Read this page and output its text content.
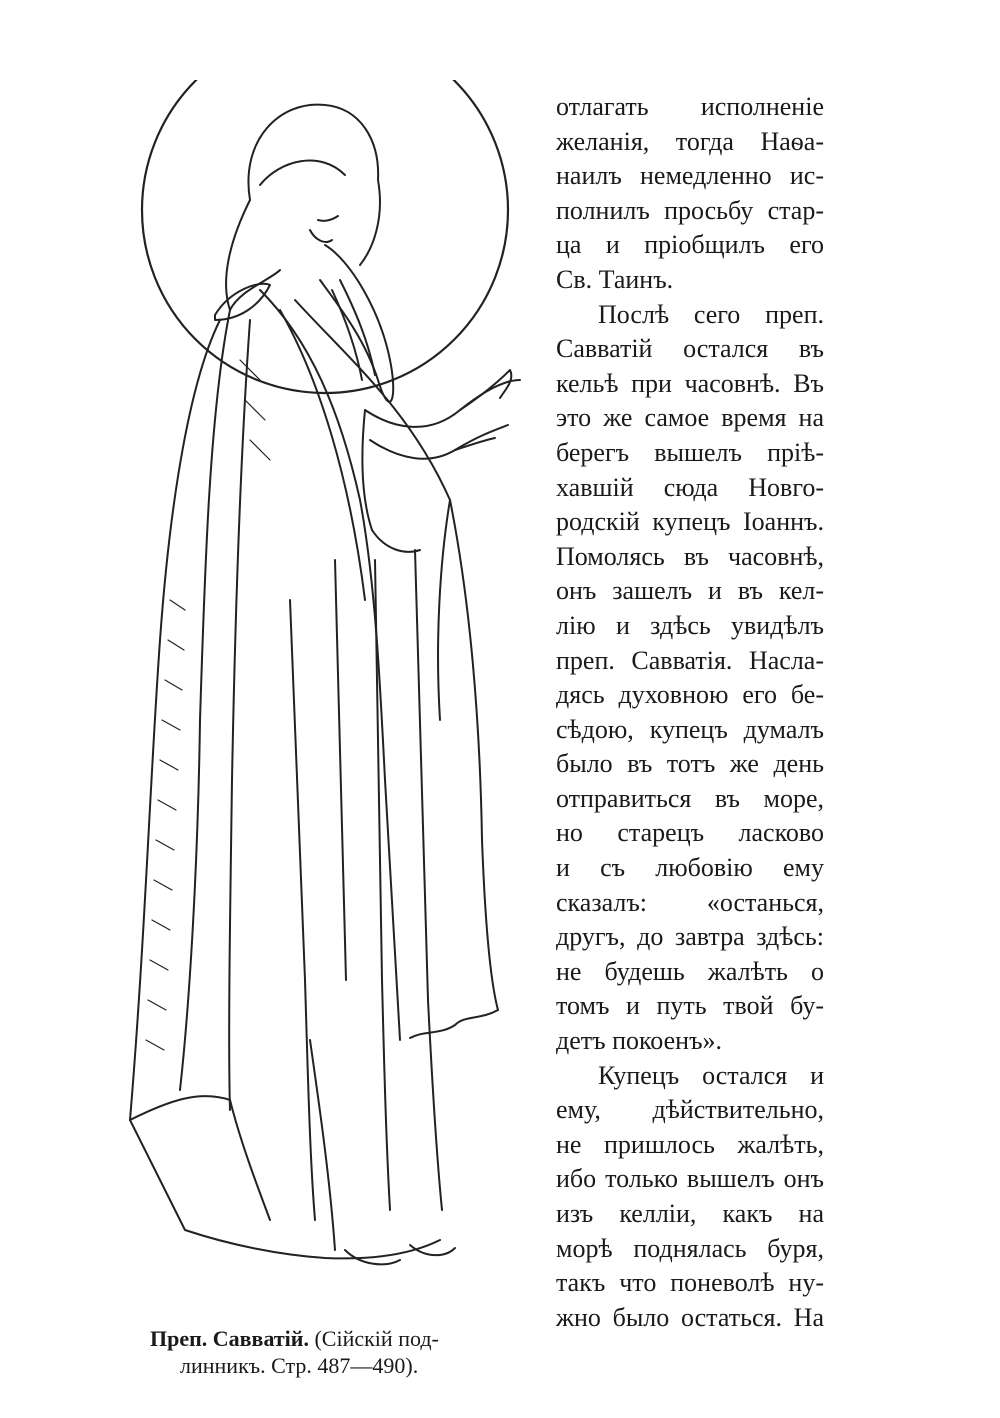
Преп. Савватій. (Сійскій под-
линникъ. Стр. 487—490).
отлагать исполненіе
желанія, тогда Наѳа-
наилъ немедленно ис-
полнилъ просьбу стар-
ца и пріобщилъ его
Св. Таинъ.
Послѣ сего преп.
Савватій остался въ
кельѣ при часовнѣ. Въ
это же самое время на
берегъ вышелъ прiѣ-
хавшій сюда Новго-
родскій купецъ Іоаннъ.
Помолясь въ часовнѣ,
онъ зашелъ и въ кел-
лію и здѣсь увидѣлъ
преп. Савватія. Насла-
дясь духовною его бе-
сѣдою, купецъ думалъ
было въ тотъ же день
отправиться въ море,
но старецъ ласково
и съ любовію ему
сказалъ: «останься,
другъ, до завтра здѣсь:
не будешь жалѣть о
томъ и путь твой бу-
детъ покоенъ».
Купецъ остался и
ему, дѣйствительно,
не пришлось жалѣть,
ибо только вышелъ онъ
изъ келліи, какъ на
морѣ поднялась буря,
такъ что поневолѣ ну-
жно было остаться. На
